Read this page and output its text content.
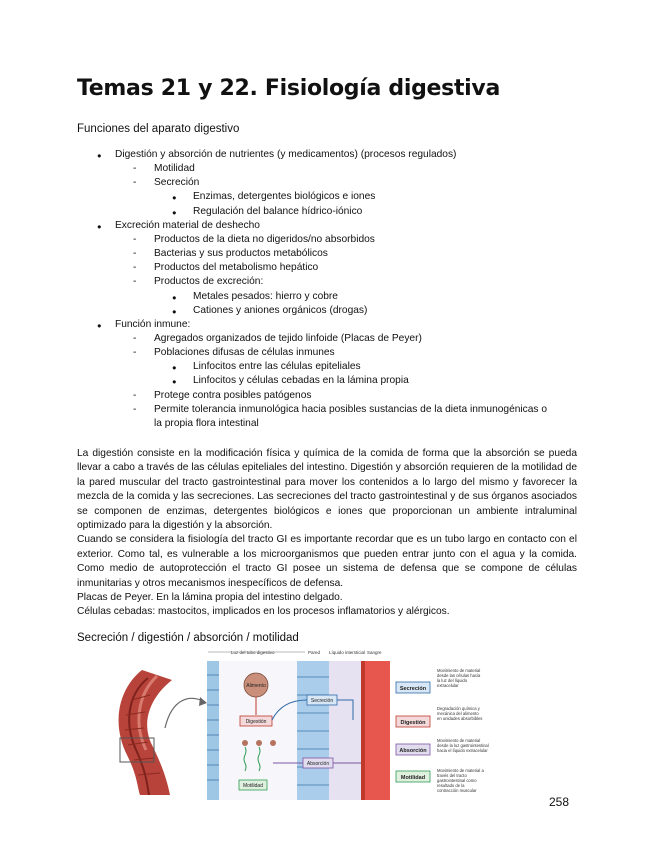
Temas 21 y 22. Fisiología digestiva
Funciones del aparato digestivo
● Digestión y absorción de nutrientes (y medicamentos) (procesos regulados)
- Motilidad
- Secreción
● Enzimas, detergentes biológicos e iones
● Regulación del balance hídrico-iónico
● Excreción material de deshecho
- Productos de la dieta no digeridos/no absorbidos
- Bacterias y sus productos metabólicos
- Productos del metabolismo hepático
- Productos de excreción:
● Metales pesados: hierro y cobre
● Cationes y aniones orgánicos (drogas)
● Función inmune:
- Agregados organizados de tejido linfoide (Placas de Peyer)
- Poblaciones difusas de células inmunes
● Linfocitos entre las células epiteliales
● Linfocitos y células cebadas en la lámina propia
- Protege contra posibles patógenos
- Permite tolerancia inmunológica hacia posibles sustancias de la dieta inmunogénicas o
la propia flora intestinal

La digestión consiste en la modificación física y química de la comida de forma que la absorción se pueda llevar a cabo a través de las células epiteliales del intestino. Digestión y absorción requieren de la motilidad de la pared muscular del tracto gastrointestinal para mover los contenidos a lo largo del mismo y favorecer la mezcla de la comida y las secreciones. Las secreciones del tracto gastrointestinal y de sus órganos asociados se componen de enzimas, detergentes biológicos e iones que proporcionan un ambiente intraluminal optimizado para la digestión y la absorción.

Cuando se considera la fisiología del tracto GI es importante recordar que es un tubo largo en contacto con el exterior. Como tal, es vulnerable a los microorganismos que pueden entrar junto con el agua y la comida. Como medio de autoprotección el tracto GI posee un sistema de defensa que se compone de células inmunitarias y otros mecanismos inespecíficos de defensa.

Placas de Peyer. En la lámina propia del intestino delgado.

Células cebadas: mastocitos, implicados en los procesos inflamatorios y alérgicos.

Secreción / digestión / absorción / motilidad
Luz del tubo digestivo	Pared Líquido intersticial Sangre
Alimento
Digestión
Motilidad
Secreción
Absorción
Secreción
Movimiento de material desde las células hacia la luz del líquido extracelular
Digestión
Degradación química y mecánica del alimento en unidades absorbibles
Absorción
Movimiento de material desde la luz gastrointestinal hacia el líquido extracelular
Motilidad
Movimiento de material a través del tracto gastrointestinal como resultado de la contracción muscular
258
